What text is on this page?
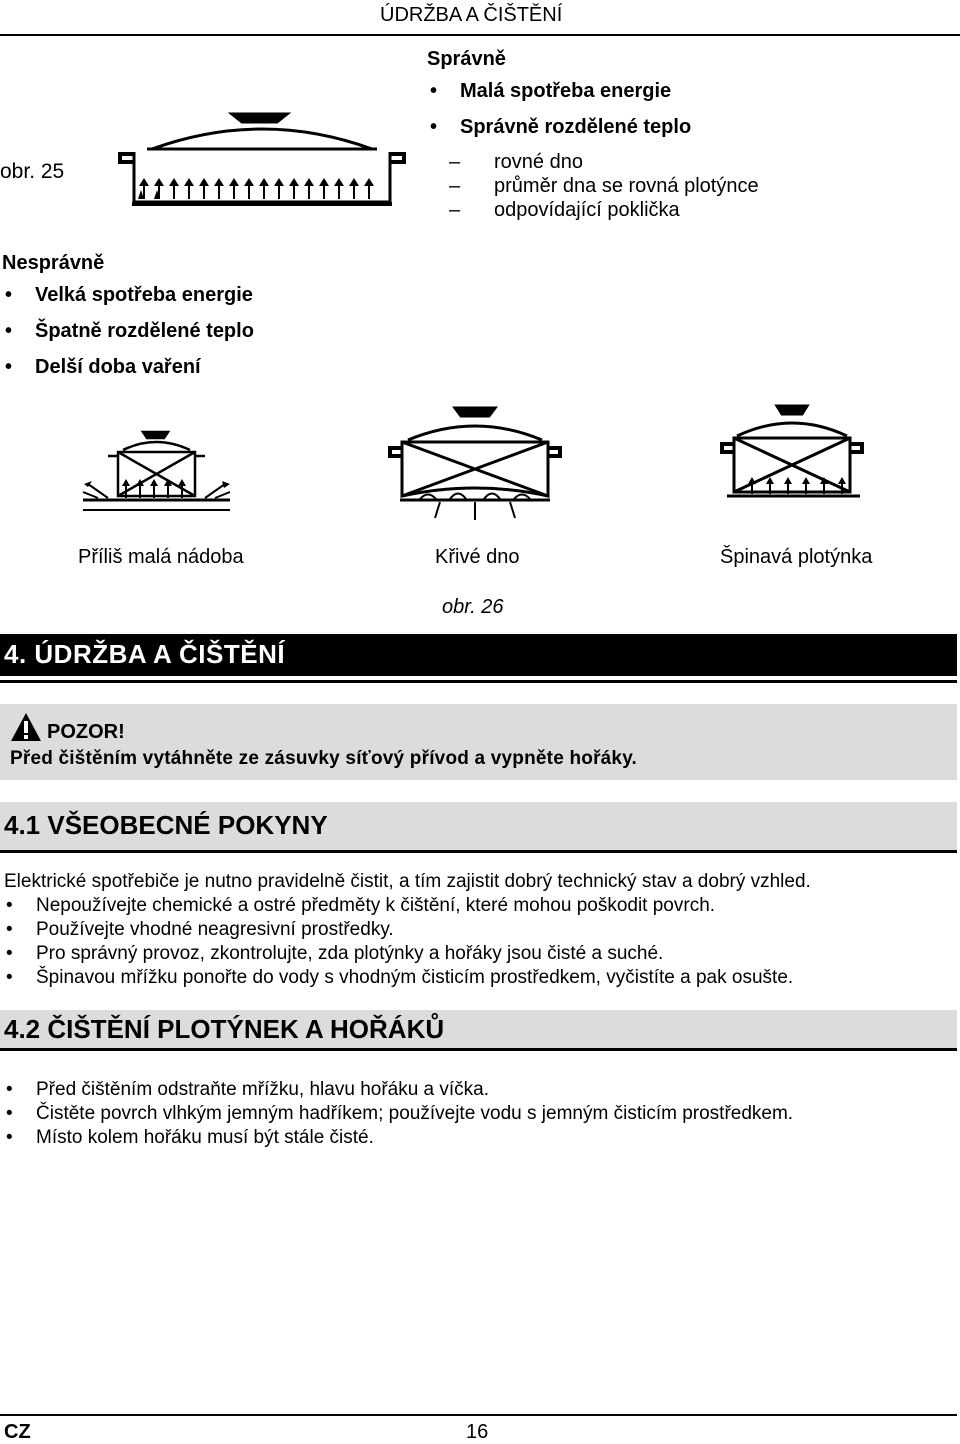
ÚDRŽBA A ČIŠTĚNÍ
obr. 25
Správně
• Malá spotřeba energie
• Správně rozdělené teplo
– rovné dno
– průměr dna se rovná plotýnce
– odpovídající poklička
Nesprávně
• Velká spotřeba energie
• Špatně rozdělené teplo
• Delší doba vaření
Příliš malá nádoba	Křivé dno	Špinavá plotýnka
obr. 26
4. ÚDRŽBA A ČIŠTĚNÍ
POZOR!
Před čištěním vytáhněte ze zásuvky síťový přívod a vypněte hořáky.
4.1 VŠEOBECNÉ POKYNY
Elektrické spotřebiče je nutno pravidelně čistit, a tím zajistit dobrý technický stav a dobrý vzhled.
• Nepoužívejte chemické a ostré předměty k čištění, které mohou poškodit povrch.
• Používejte vhodné neagresivní prostředky.
• Pro správný provoz, zkontrolujte, zda plotýnky a hořáky jsou čisté a suché.
• Špinavou mřížku ponořte do vody s vhodným čisticím prostředkem, vyčistíte a pak osušte.
4.2 ČIŠTĚNÍ PLOTÝNEK A HOŘÁKŮ
• Před čištěním odstraňte mřížku, hlavu hořáku a víčka.
• Čistěte povrch vlhkým jemným hadříkem; používejte vodu s jemným čisticím prostředkem.
• Místo kolem hořáku musí být stále čisté.
CZ	16
